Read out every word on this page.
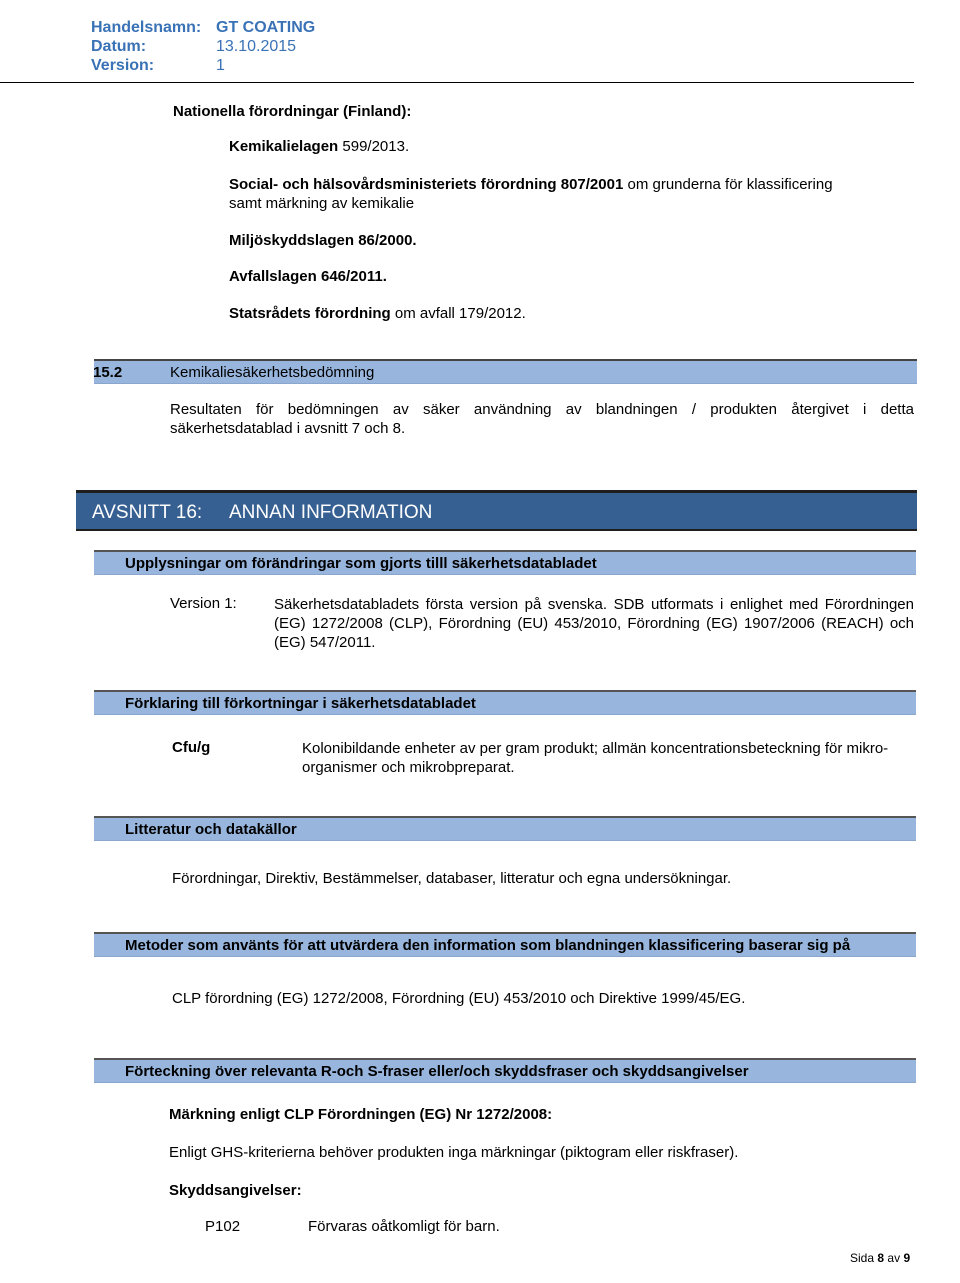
Handelsnamn: GT COATING
Datum:	13.10.2015
Version:	1
Nationella förordningar (Finland):
Kemikalielagen 599/2013.
Social- och hälsovårdsministeriets förordning 807/2001 om grunderna för klassificering
samt märkning av kemikalie
Miljöskyddslagen 86/2000.
Avfallslagen 646/2011.
Statsrådets förordning om avfall 179/2012.
15.2	Kemikaliesäkerhetsbedömning
Resultaten för bedömningen av säker användning av blandningen / produkten återgivet i detta säkerhetsdatablad i avsnitt 7 och 8.
AVSNITT 16: ANNAN INFORMATION
Upplysningar om förändringar som gjorts tilll säkerhetsdatabladet
Version 1: Säkerhetsdatabladets första version på svenska. SDB utformats i enlighet med Förordningen (EG) 1272/2008 (CLP), Förordning (EU) 453/2010, Förordning (EG) 1907/2006 (REACH) och (EG) 547/2011.
Förklaring till förkortningar i säkerhetsdatabladet
Cfu/g	Kolonibildande enheter av per gram produkt; allmän koncentrationsbeteckning för mikro-organismer och mikrobpreparat.
Litteratur och datakällor
Förordningar, Direktiv, Bestämmelser, databaser, litteratur och egna undersökningar.
Metoder som använts för att utvärdera den information som blandningen klassificering baserar sig på
CLP förordning (EG) 1272/2008, Förordning (EU) 453/2010 och Direktive 1999/45/EG.
Förteckning över relevanta R-och S-fraser eller/och skyddsfraser och skyddsangivelser
Märkning enligt CLP Förordningen (EG) Nr 1272/2008:
Enligt GHS-kriterierna behöver produkten inga märkningar (piktogram eller riskfraser).
Skyddsangivelser:
P102	Förvaras oåtkomligt för barn.
Sida 8 av 9
